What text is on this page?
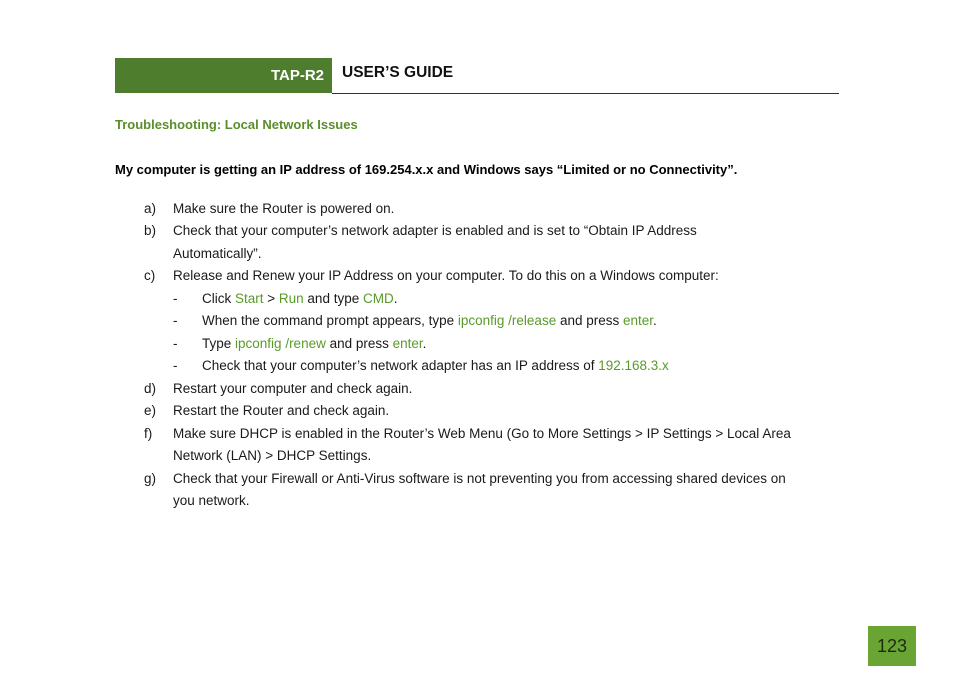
TAP-R2 USER’S GUIDE
Troubleshooting: Local Network Issues
My computer is getting an IP address of 169.254.x.x and Windows says “Limited or no Connectivity”.
a) Make sure the Router is powered on.
b) Check that your computer’s network adapter is enabled and is set to “Obtain IP Address
Automatically”.
c) Release and Renew your IP Address on your computer. To do this on a Windows computer:
- Click Start > Run and type CMD.
- When the command prompt appears, type ipconfig /release and press enter.
- Type ipconfig /renew and press enter.
- Check that your computer’s network adapter has an IP address of 192.168.3.x
d) Restart your computer and check again.
e) Restart the Router and check again.
f) Make sure DHCP is enabled in the Router’s Web Menu (Go to More Settings > IP Settings > Local Area
Network (LAN) > DHCP Settings.
g) Check that your Firewall or Anti-Virus software is not preventing you from accessing shared devices on
you network.
123
